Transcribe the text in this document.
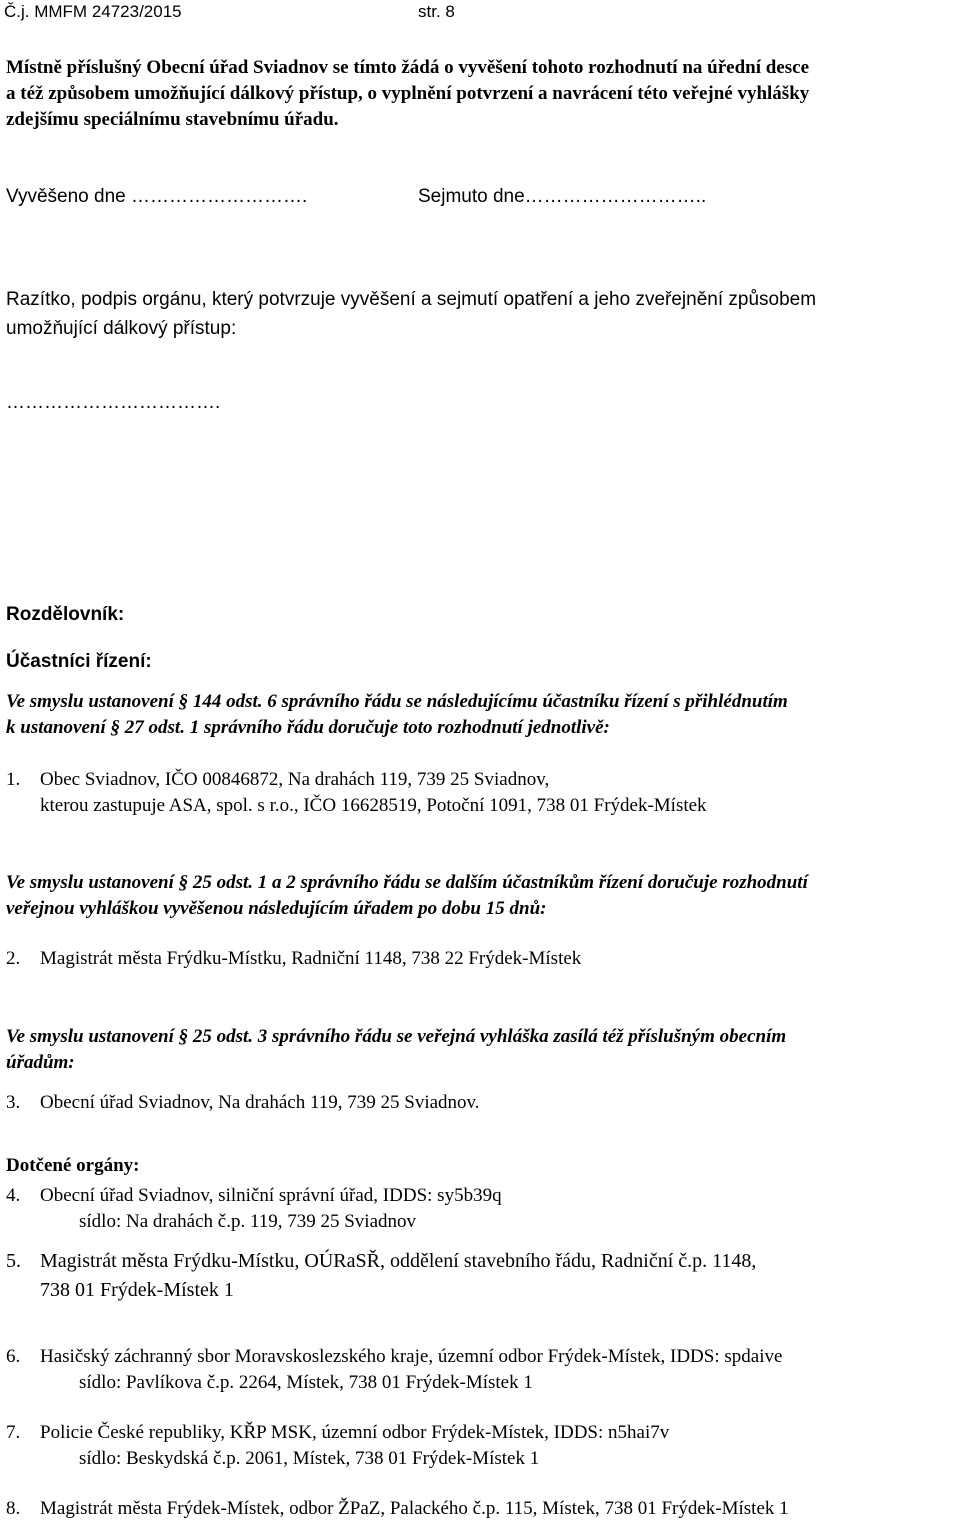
Č.j. MMFM 24723/2015	str. 8
Místně příslušný Obecní úřad Sviadnov se tímto žádá o vyvěšení tohoto rozhodnutí na úřední desce
a též způsobem umožňující dálkový přístup, o vyplnění potvrzení a navrácení této veřejné vyhlášky
zdejšímu speciálnímu stavebnímu úřadu.
Vyvěšeno dne ……………………….	Sejmuto dne………………………..
Razítko, podpis orgánu, který potvrzuje vyvěšení a sejmutí opatření a jeho zveřejnění způsobem
umožňující dálkový přístup:
…………………………….
Rozdělovník:
Účastníci řízení:
Ve smyslu ustanovení § 144 odst. 6 správního řádu se následujícímu účastníku řízení s přihlédnutím
k ustanovení § 27 odst. 1 správního řádu doručuje toto rozhodnutí jednotlivě:
1. Obec Sviadnov, IČO 00846872, Na drahách 119, 739 25 Sviadnov,
kterou zastupuje ASA, spol. s r.o., IČO 16628519, Potoční 1091, 738 01 Frýdek-Místek
Ve smyslu ustanovení § 25 odst. 1 a 2 správního řádu se dalším účastníkům řízení doručuje rozhodnutí
veřejnou vyhláškou vyvěšenou následujícím úřadem po dobu 15 dnů:
2. Magistrát města Frýdku-Místku, Radniční 1148, 738 22 Frýdek-Místek
Ve smyslu ustanovení § 25 odst. 3 správního řádu se veřejná vyhláška zasílá též příslušným obecním
úřadům:
3. Obecní úřad Sviadnov, Na drahách 119, 739 25 Sviadnov.
Dotčené orgány:
4. Obecní úřad Sviadnov, silniční správní úřad, IDDS: sy5b39q
sídlo: Na drahách č.p. 119, 739 25 Sviadnov
5. Magistrát města Frýdku-Místku, OÚRaSŘ, oddělení stavebního řádu, Radniční č.p. 1148,
738 01 Frýdek-Místek 1
6. Hasičský záchranný sbor Moravskoslezského kraje, územní odbor Frýdek-Místek, IDDS: spdaive
sídlo: Pavlíkova č.p. 2264, Místek, 738 01 Frýdek-Místek 1
7. Policie České republiky, KŘP MSK, územní odbor Frýdek-Místek, IDDS: n5hai7v
sídlo: Beskydská č.p. 2061, Místek, 738 01 Frýdek-Místek 1
8. Magistrát města Frýdek-Místek, odbor ŽPaZ, Palackého č.p. 115, Místek, 738 01 Frýdek-Místek 1
